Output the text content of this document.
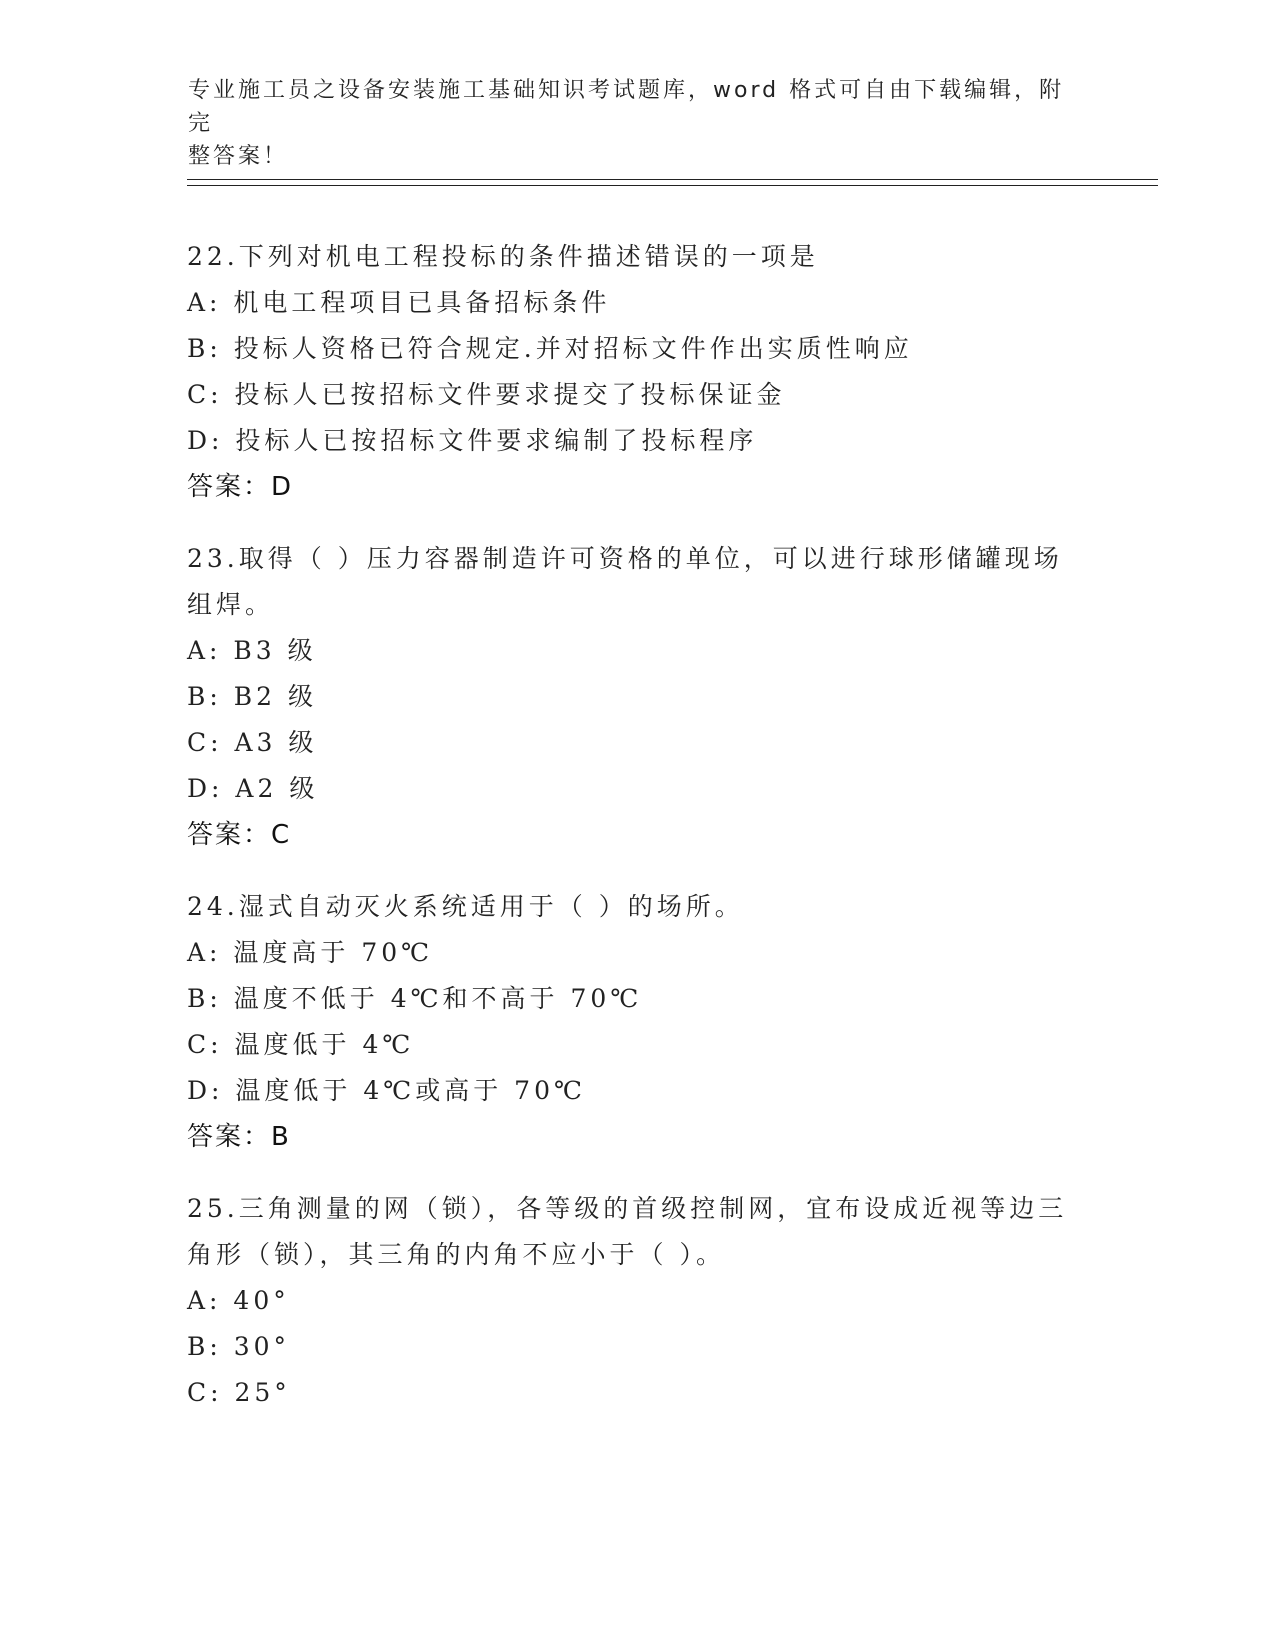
专业施工员之设备安装施工基础知识考试题库，word 格式可自由下载编辑，附完
整答案！
22.下列对机电工程投标的条件描述错误的一项是
A: 机电工程项目已具备招标条件
B: 投标人资格已符合规定.并对招标文件作出实质性响应
C: 投标人已按招标文件要求提交了投标保证金
D: 投标人已按招标文件要求编制了投标程序
答案：D
23.取得（ ）压力容器制造许可资格的单位，可以进行球形储罐现场
组焊。
A: B3 级
B: B2 级
C: A3 级
D: A2 级
答案：C
24.湿式自动灭火系统适用于（ ）的场所。
A: 温度高于 70℃
B: 温度不低于 4℃和不高于 70℃
C: 温度低于 4℃
D: 温度低于 4℃或高于 70℃
答案：B
25.三角测量的网（锁），各等级的首级控制网，宜布设成近视等边三
角形（锁），其三角的内角不应小于（ ）。
A: 40°
B: 30°
C: 25°
